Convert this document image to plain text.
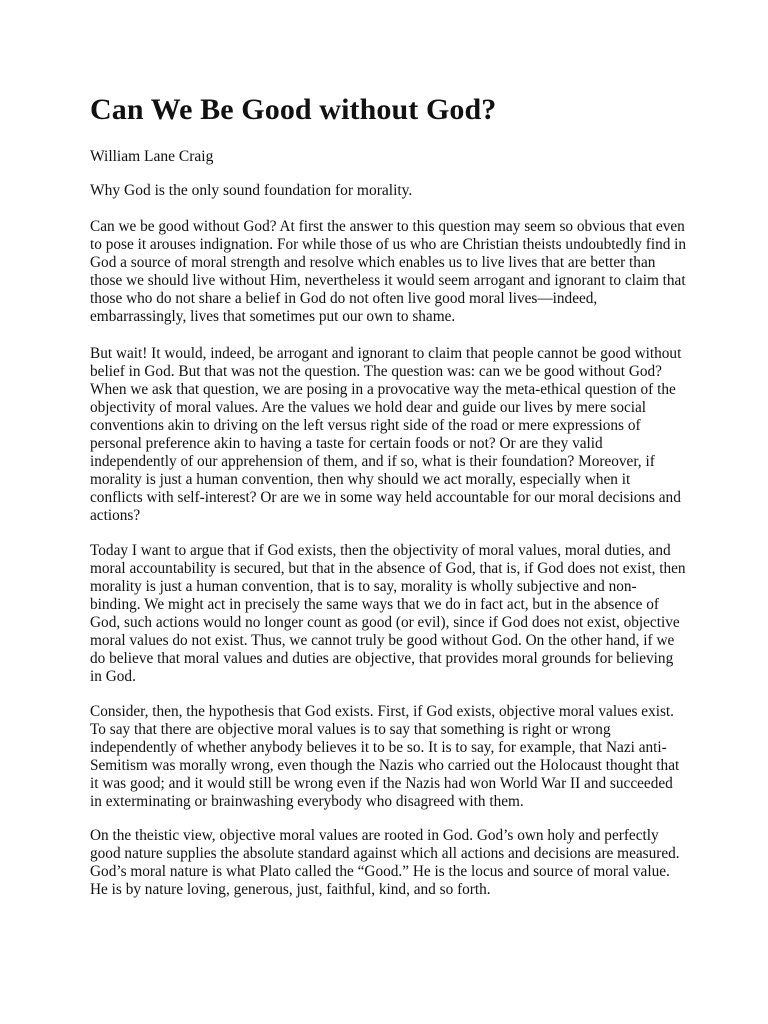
Can We Be Good without God?

William Lane Craig

Why God is the only sound foundation for morality.

Can we be good without God? At first the answer to this question may seem so obvious that even
to pose it arouses indignation. For while those of us who are Christian theists undoubtedly find in
God a source of moral strength and resolve which enables us to live lives that are better than
those we should live without Him, nevertheless it would seem arrogant and ignorant to claim that
those who do not share a belief in God do not often live good moral lives—indeed,
embarrassingly, lives that sometimes put our own to shame.

But wait! It would, indeed, be arrogant and ignorant to claim that people cannot be good without
belief in God. But that was not the question. The question was: can we be good without God?
When we ask that question, we are posing in a provocative way the meta-ethical question of the
objectivity of moral values. Are the values we hold dear and guide our lives by mere social
conventions akin to driving on the left versus right side of the road or mere expressions of
personal preference akin to having a taste for certain foods or not? Or are they valid
independently of our apprehension of them, and if so, what is their foundation? Moreover, if
morality is just a human convention, then why should we act morally, especially when it
conflicts with self-interest? Or are we in some way held accountable for our moral decisions and
actions?

Today I want to argue that if God exists, then the objectivity of moral values, moral duties, and
moral accountability is secured, but that in the absence of God, that is, if God does not exist, then
morality is just a human convention, that is to say, morality is wholly subjective and non-
binding. We might act in precisely the same ways that we do in fact act, but in the absence of
God, such actions would no longer count as good (or evil), since if God does not exist, objective
moral values do not exist. Thus, we cannot truly be good without God. On the other hand, if we
do believe that moral values and duties are objective, that provides moral grounds for believing
in God.

Consider, then, the hypothesis that God exists. First, if God exists, objective moral values exist.
To say that there are objective moral values is to say that something is right or wrong
independently of whether anybody believes it to be so. It is to say, for example, that Nazi anti-
Semitism was morally wrong, even though the Nazis who carried out the Holocaust thought that
it was good; and it would still be wrong even if the Nazis had won World War II and succeeded
in exterminating or brainwashing everybody who disagreed with them.

On the theistic view, objective moral values are rooted in God. God’s own holy and perfectly
good nature supplies the absolute standard against which all actions and decisions are measured.
God’s moral nature is what Plato called the “Good.” He is the locus and source of moral value.
He is by nature loving, generous, just, faithful, kind, and so forth.
